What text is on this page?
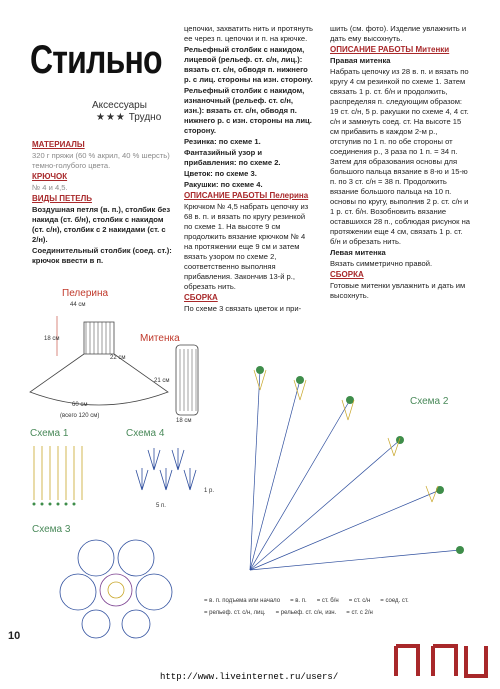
Стильно
Аксессуары
★★★ Трудно

МАТЕРИАЛЫ

320 г пряжи (60 % акрил, 40 % шерсть) темно-голубого цвета.

КРЮЧОК

№ 4 и 4,5.

ВИДЫ ПЕТЕЛЬ

Воздушная петля (в. п.), столбик без накида (ст. б/н), столбик с накидом (ст. с/н), столбик с 2 накидами (ст. с 2/н).

Соединительный столбик (соед. ст.): крючок ввести в п.

цепочки, захватить нить и протянуть ее через п. цепочки и п. на крючке.

Рельефный столбик с накидом, лицевой (рельеф. ст. с/н, лиц.): вязать ст. с/н, обводя п. нижнего р. с лиц. стороны на изн. сторону.

Рельефный столбик с накидом, изнаночный (рельеф. ст. с/н, изн.): вязать ст. с/н, обводя п. нижнего р. с изн. стороны на лиц. сторону.

Резинка: по схеме 1.

Фантазийный узор и прибавления: по схеме 2.

Цветок: по схеме 3.

Ракушки: по схеме 4.

ОПИСАНИЕ РАБОТЫ Пелерина

Крючком № 4,5 набрать цепочку из 68 в. п. и вязать по кругу резинкой по схеме 1. На высоте 9 см продолжить вязание крючком № 4 на протяжении еще 9 см и затем вязать узором по схеме 2, соответственно выполняя прибавления. Закончив 13-й р., обрезать нить.

СБОРКА

По схеме 3 связать цветок и при-

шить (см. фото). Изделие увлажнить и дать ему высохнуть.

ОПИСАНИЕ РАБОТЫ Митенки

Правая митенка

Набрать цепочку из 28 в. п. и вязать по кругу 4 см резинкой по схеме 1. Затем связать 1 р. ст. б/н и продолжить, распределяя п. следующим образом: 19 ст. с/н, 5 р. ракушки по схеме 4, 4 ст. с/н и замкнуть соед. ст. На высоте 15 см прибавить в каждом 2-м р., отступив по 1 п. по обе стороны от соединения р., 3 раза по 1 п. = 34 п. Затем для образования основы для большого пальца вязание в 8-ю и 15-ю п. по 3 ст. с/н = 38 п. Продолжить вязание большого пальца на 10 п. основы по кругу, выполнив 2 р. ст. с/н и 1 р. ст. б/н. Возобновить вязание оставшихся 28 п., соблюдая рисунок на протяжении еще 4 см, связать 1 р. ст. б/н и обрезать нить.

Левая митенка

Вязать симметрично правой.

СБОРКА

Готовые митенки увлажнить и дать им высохнуть.

Пелерина
Митенка
Схема 1	Схема 4
Схема 3
Схема 2
44 см
18 см
60 см
(всего 120 см)
22 см
21 см
18 см
5 п.
1 р.
= в. п. подъема или начало = в. п. = ст. б/н = ст. с/н = соед. ст.
= рельеф. ст. с/н, лиц. = рельеф. ст. с/н, изн. = ст. с 2/н
10
http://www.liveinternet.ru/users/
